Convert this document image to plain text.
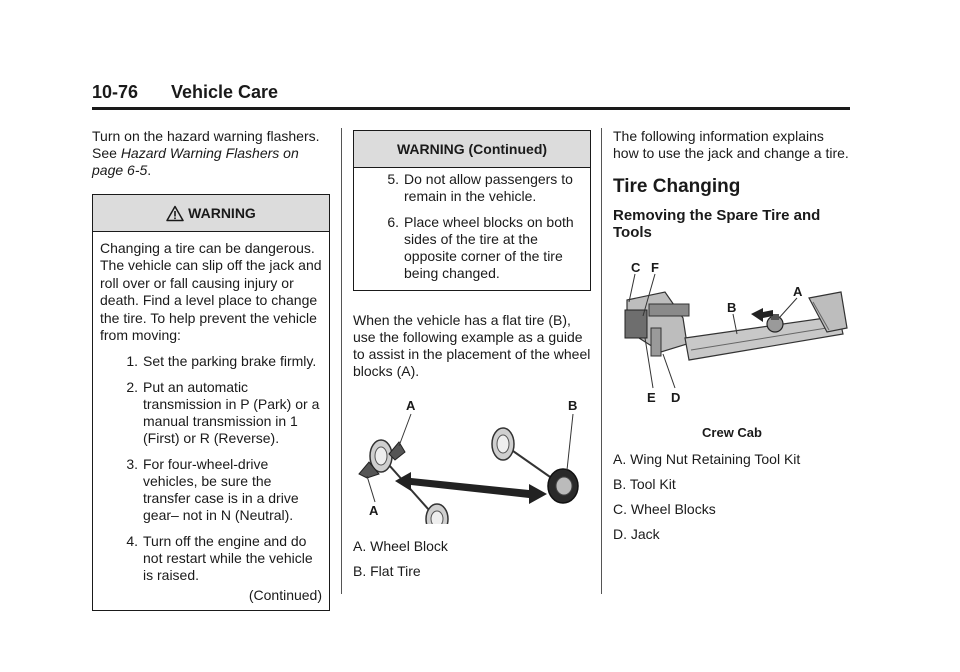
10-76 Vehicle Care

Turn on the hazard warning flashers. See Hazard Warning Flashers on page 6-5.

WARNING

Changing a tire can be dangerous. The vehicle can slip off the jack and roll over or fall causing injury or death. Find a level place to change the tire. To help prevent the vehicle from moving:

1. Set the parking brake firmly.
2. Put an automatic transmission in P (Park) or a manual transmission in 1 (First) or R (Reverse).
3. For four-wheel-drive vehicles, be sure the transfer case is in a drive gear– not in N (Neutral).
4. Turn off the engine and do not restart while the vehicle is raised.

(Continued)

WARNING (Continued)
5. Do not allow passengers to remain in the vehicle.
6. Place wheel blocks on both sides of the tire at the opposite corner of the tire being changed.

When the vehicle has a flat tire (B), use the following example as a guide to assist in the placement of the wheel blocks (A).

A
A
B

A. Wheel Block

B. Flat Tire

The following information explains how to use the jack and change a tire.

Tire Changing
Removing the Spare Tire and Tools
C F
B
A
E D

Crew Cab

A. Wing Nut Retaining Tool Kit

B. Tool Kit

C. Wheel Blocks

D. Jack
